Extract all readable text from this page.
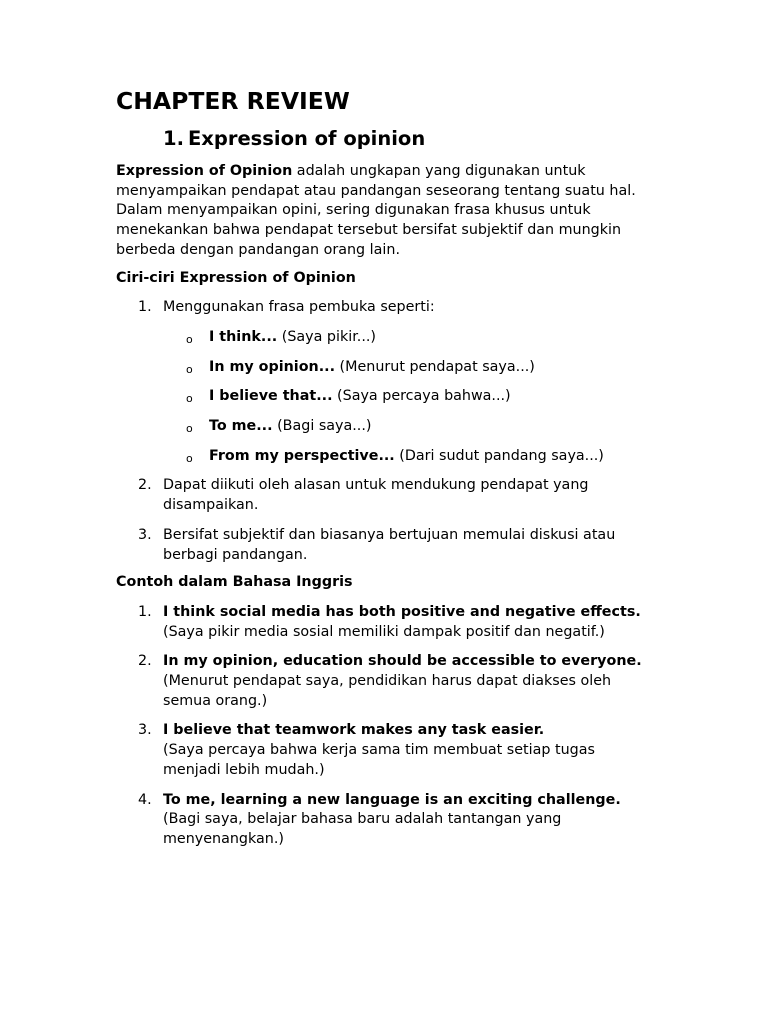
CHAPTER REVIEW
1. Expression of opinion

Expression of Opinion adalah ungkapan yang digunakan untuk menyampaikan pendapat atau pandangan seseorang tentang suatu hal. Dalam menyampaikan opini, sering digunakan frasa khusus untuk menekankan bahwa pendapat tersebut bersifat subjektif dan mungkin berbeda dengan pandangan orang lain.

Ciri-ciri Expression of Opinion
1. Menggunakan frasa pembuka seperti:
o I think... (Saya pikir...)
o In my opinion... (Menurut pendapat saya...)
o I believe that... (Saya percaya bahwa...)
o To me... (Bagi saya...)
o From my perspective... (Dari sudut pandang saya...)
2. Dapat diikuti oleh alasan untuk mendukung pendapat yang disampaikan.
3. Bersifat subjektif dan biasanya bertujuan memulai diskusi atau berbagi pandangan.
Contoh dalam Bahasa Inggris
1. I think social media has both positive and negative effects.
(Saya pikir media sosial memiliki dampak positif dan negatif.)
2. In my opinion, education should be accessible to everyone.
(Menurut pendapat saya, pendidikan harus dapat diakses oleh semua orang.)
3. I believe that teamwork makes any task easier.
(Saya percaya bahwa kerja sama tim membuat setiap tugas menjadi lebih mudah.)
4. To me, learning a new language is an exciting challenge.
(Bagi saya, belajar bahasa baru adalah tantangan yang menyenangkan.)
